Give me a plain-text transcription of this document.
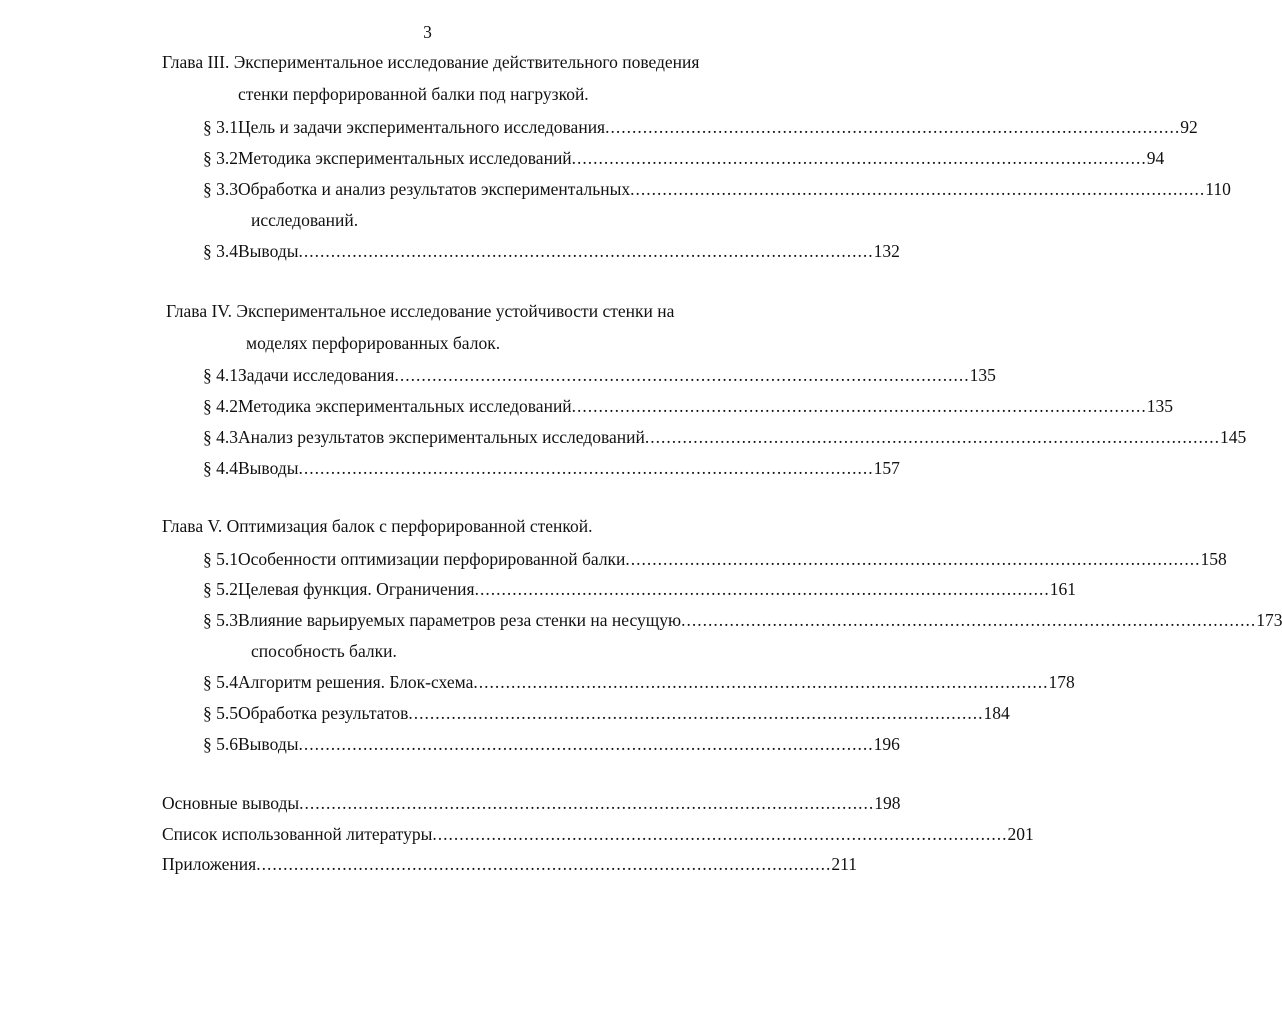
3
Глава III. Экспериментальное исследование действительного поведения
стенки перфорированной балки под нагрузкой.
§ 3.1 Цель и задачи экспериментального исследования ........................................................................................................... 92
§ 3.2 Методика экспериментальных исследований ........................................................................................................... 94
§ 3.3 Обработка и анализ результатов экспериментальных ........................................................................................................... 110
исследований.
§ 3.4 Выводы ........................................................................................................... 132
Глава IV. Экспериментальное исследование устойчивости стенки на
моделях перфорированных балок.
§ 4.1 Задачи исследования ........................................................................................................... 135
§ 4.2 Методика экспериментальных исследований ........................................................................................................... 135
§ 4.3 Анализ результатов экспериментальных исследований ........................................................................................................... 145
§ 4.4 Выводы ........................................................................................................... 157
Глава V. Оптимизация балок с перфорированной стенкой.
§ 5.1 Особенности оптимизации перфорированной балки ........................................................................................................... 158
§ 5.2 Целевая функция. Ограничения ........................................................................................................... 161
§ 5.3 Влияние варьируемых параметров реза стенки на несущую ........................................................................................................... 173
способность балки.
§ 5.4 Алгоритм решения. Блок-схема ........................................................................................................... 178
§ 5.5 Обработка результатов ........................................................................................................... 184
§ 5.6 Выводы ........................................................................................................... 196
Основные выводы ........................................................................................................... 198
Список использованной литературы ........................................................................................................... 201
Приложения ........................................................................................................... 211
